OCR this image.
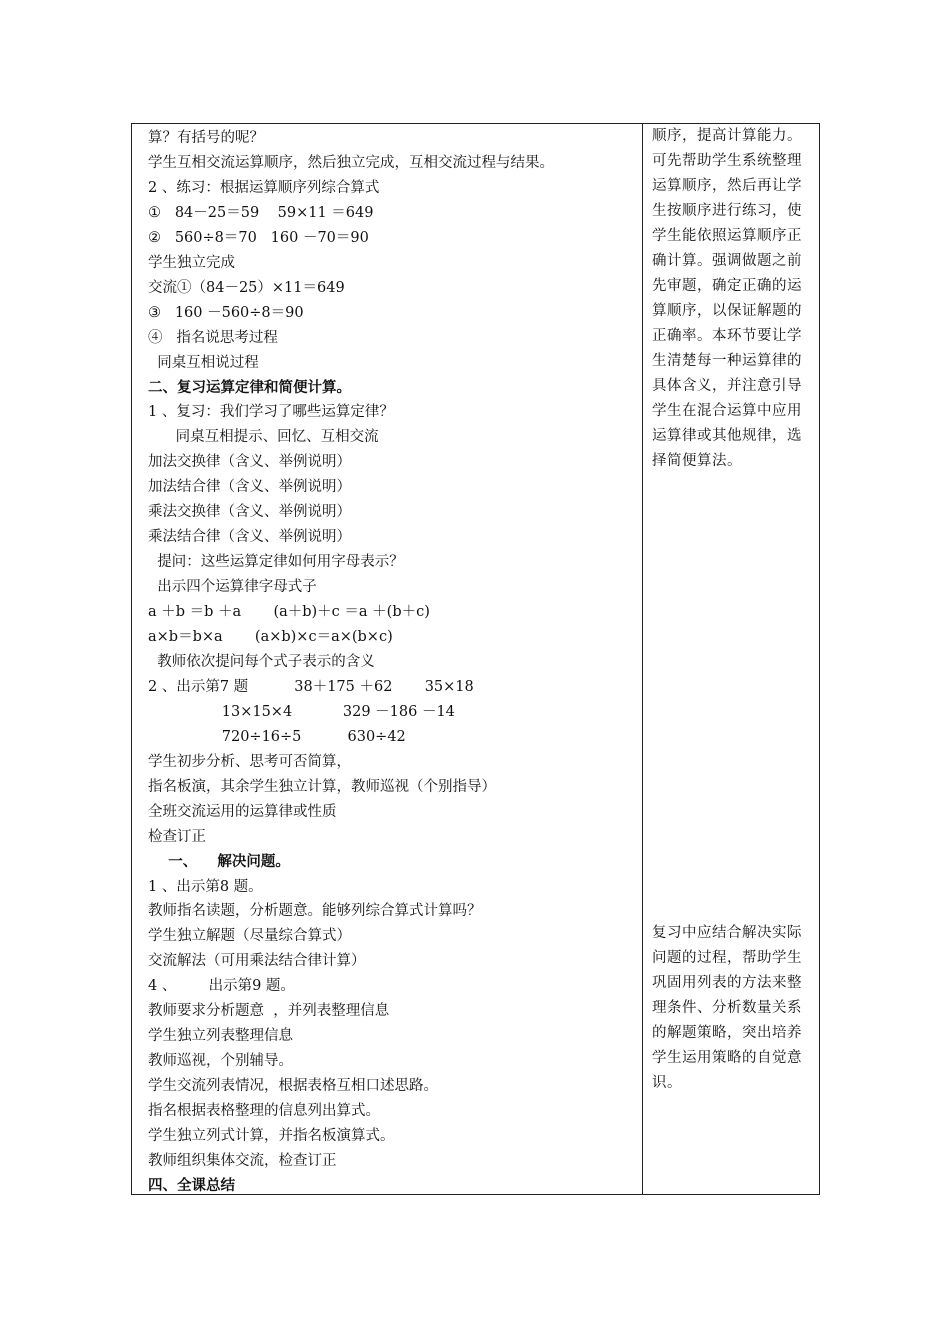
算？有括号的呢？
学生互相交流运算顺序，然后独立完成，互相交流过程与结果。
2 、练习：根据运算顺序列综合算式
①   84－25＝59    59×11 ＝649
②   560÷8＝70   160 －70＝90
学生独立完成
交流①（84－25）×11＝649
③   160 －560÷8＝90
④   指名说思考过程
同桌互相说过程
二、复习运算定律和简便计算。
1 、复习：我们学习了哪些运算定律？
同桌互相提示、回忆、互相交流
加法交换律（含义、举例说明）
加法结合律（含义、举例说明）
乘法交换律（含义、举例说明）
乘法结合律（含义、举例说明）
提问：这些运算定律如何用字母表示？
出示四个运算律字母式子
a ＋b ＝b ＋a       (a＋b)＋c ＝a ＋(b＋c)
a×b＝b×a       (a×b)×c＝a×(b×c)
教师依次提问每个式子表示的含义
2 、出示第7 题          38＋175 ＋62       35×18
13×15×4           329 －186 －14
720÷16÷5          630÷42
学生初步分析、思考可否简算，
指名板演，其余学生独立计算，教师巡视（个别指导）
全班交流运用的运算律或性质
检查订正
一、    解决问题。
1 、出示第8 题。
教师指名读题，分析题意。能够列综合算式计算吗？
学生独立解题（尽量综合算式）
交流解法（可用乘法结合律计算）
4 、       出示第9 题。
教师要求分析题意  ，并列表整理信息
学生独立列表整理信息
教师巡视，个别辅导。
学生交流列表情况，根据表格互相口述思路。
指名根据表格整理的信息列出算式。
学生独立列式计算，并指名板演算式。
教师组织集体交流，检查订正
四、全课总结
顺序，提高计算能力。可先帮助学生系统整理运算顺序，然后再让学生按顺序进行练习，使学生能依照运算顺序正确计算。强调做题之前先审题，确定正确的运算顺序，以保证解题的正确率。本环节要让学生清楚每一种运算律的具体含义，并注意引导学生在混合运算中应用运算律或其他规律，选择简便算法。
复习中应结合解决实际问题的过程，帮助学生巩固用列表的方法来整理条件、分析数量关系的解题策略，突出培养学生运用策略的自觉意识。
